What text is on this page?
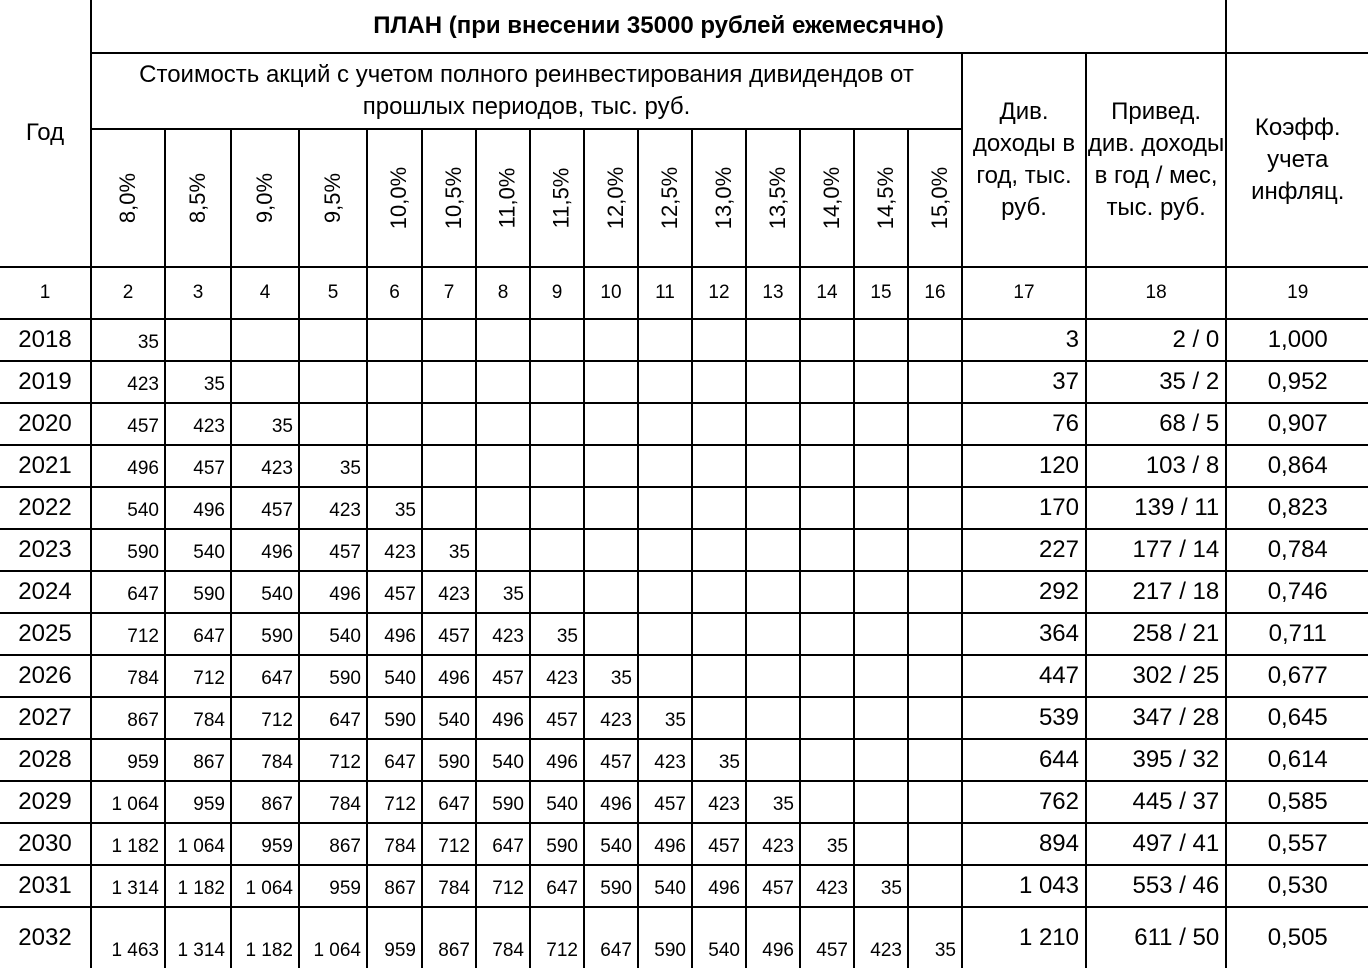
Год	ПЛАН (при внесении 35000 рублей ежемесячно)																	
	Стоимость акций с учетом полного реинвестирования дивидендов от прошлых периодов, тыс. руб.															Див. доходы в год, тыс. руб.	Привед. див. доходы в год / мес, тыс. руб.	Коэфф. учета инфляц.
	8,0%	8,5%	9,0%	9,5%	10,0%	10,5%	11,0%	11,5%	12,0%	12,5%	13,0%	13,5%	14,0%	14,5%	15,0%			
1	2	3	4	5	6	7	8	9	10	11	12	13	14	15	16	17	18	19
2018	35															3	2 / 0	1,000
2019	423	35														37	35 / 2	0,952
2020	457	423	35													76	68 / 5	0,907
2021	496	457	423	35												120	103 / 8	0,864
2022	540	496	457	423	35											170	139 / 11	0,823
2023	590	540	496	457	423	35										227	177 / 14	0,784
2024	647	590	540	496	457	423	35									292	217 / 18	0,746
2025	712	647	590	540	496	457	423	35								364	258 / 21	0,711
2026	784	712	647	590	540	496	457	423	35							447	302 / 25	0,677
2027	867	784	712	647	590	540	496	457	423	35						539	347 / 28	0,645
2028	959	867	784	712	647	590	540	496	457	423	35					644	395 / 32	0,614
2029	1 064	959	867	784	712	647	590	540	496	457	423	35				762	445 / 37	0,585
2030	1 182	1 064	959	867	784	712	647	590	540	496	457	423	35			894	497 / 41	0,557
2031	1 314	1 182	1 064	959	867	784	712	647	590	540	496	457	423	35		1 043	553 / 46	0,530
2032	1 463	1 314	1 182	1 064	959	867	784	712	647	590	540	496	457	423	35	1 210	611 / 50	0,505
